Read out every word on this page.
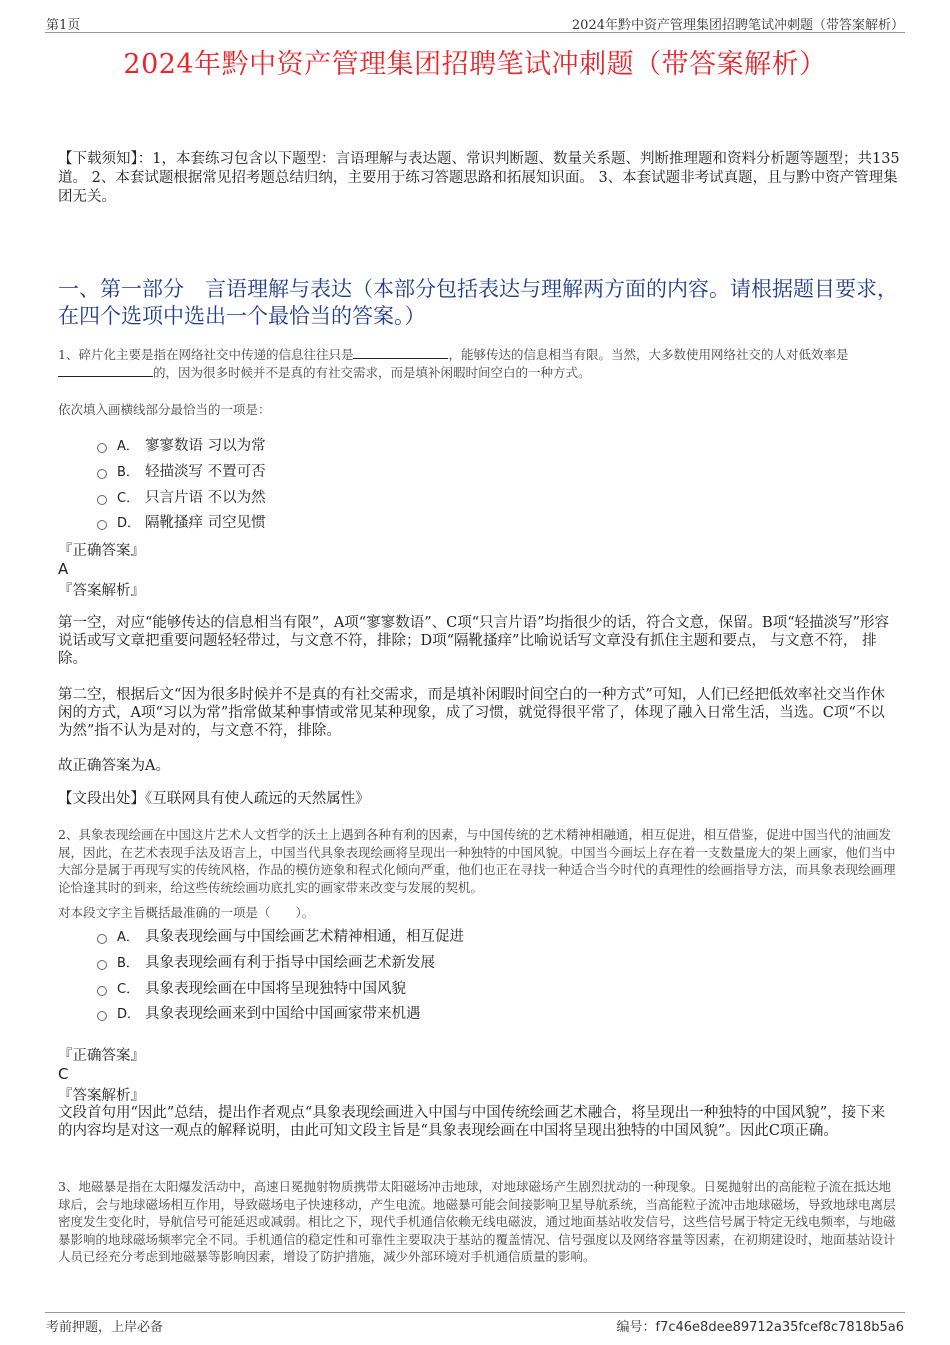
第1页	2024年黔中资产管理集团招聘笔试冲刺题（带答案解析）
2024年黔中资产管理集团招聘笔试冲刺题（带答案解析）
【下载须知】：1，本套练习包含以下题型：言语理解与表达题、常识判断题、数量关系题、判断推理题和资料分析题等题型；共135道。 2、本套试题根据常见招考题总结归纳，主要用于练习答题思路和拓展知识面。 3、本套试题非考试真题，且与黔中资产管理集团无关。
一、第一部分　言语理解与表达（本部分包括表达与理解两方面的内容。请根据题目要求，在四个选项中选出一个最恰当的答案。）
1、碎片化主要是指在网络社交中传递的信息往往只是	，能够传达的信息相当有限。当然，大多数使用网络社交的人对低效率是的，因为很多时候并不是真的有社交需求，而是填补闲暇时间空白的一种方式。
依次填入画横线部分最恰当的一项是：
A． 寥寥数语 习以为常
B． 轻描淡写 不置可否
C． 只言片语 不以为然
D． 隔靴搔痒 司空见惯
『正确答案』
A
『答案解析』
第一空，对应“能够传达的信息相当有限”，A项“寥寥数语”、C项“只言片语”均指很少的话，符合文意，保留。B项“轻描淡写”形容说话或写文章把重要问题轻轻带过，与文意不符，排除；D项“隔靴搔痒”比喻说话写文章没有抓住主题和要点， 与文意不符， 排除。
第二空，根据后文“因为很多时候并不是真的有社交需求，而是填补闲暇时间空白的一种方式”可知，人们已经把低效率社交当作休闲的方式，A项“习以为常”指常做某种事情或常见某种现象，成了习惯，就觉得很平常了，体现了融入日常生活，当选。C项“不以为然”指不认为是对的，与文意不符，排除。
故正确答案为A。
【文段出处】《互联网具有使人疏远的天然属性》
2、具象表现绘画在中国这片艺术人文哲学的沃土上遇到各种有利的因素，与中国传统的艺术精神相融通，相互促进，相互借鉴，促进中国当代的油画发展，因此，在艺术表现手法及语言上，中国当代具象表现绘画将呈现出一种独特的中国风貌。中国当今画坛上存在着一支数量庞大的架上画家，他们当中大部分是属于再现写实的传统风格，作品的模仿迹象和程式化倾向严重，他们也正在寻找一种适合当今时代的真理性的绘画指导方法，而具象表现绘画理论恰逢其时的到来，给这些传统绘画功底扎实的画家带来改变与发展的契机。
对本段文字主旨概括最准确的一项是（　　）。
A． 具象表现绘画与中国绘画艺术精神相通，相互促进
B． 具象表现绘画有利于指导中国绘画艺术新发展
C． 具象表现绘画在中国将呈现独特中国风貌
D． 具象表现绘画来到中国给中国画家带来机遇
『正确答案』
C
『答案解析』
文段首句用“因此”总结，提出作者观点“具象表现绘画进入中国与中国传统绘画艺术融合，将呈现出一种独特的中国风貌”，接下来的内容均是对这一观点的解释说明，由此可知文段主旨是“具象表现绘画在中国将呈现出独特的中国风貌”。因此C项正确。
3、地磁暴是指在太阳爆发活动中，高速日冕抛射物质携带太阳磁场冲击地球，对地球磁场产生剧烈扰动的一种现象。日冕抛射出的高能粒子流在抵达地球后，会与地球磁场相互作用，导致磁场电子快速移动，产生电流。地磁暴可能会间接影响卫星导航系统，当高能粒子流冲击地球磁场，导致地球电离层密度发生变化时，导航信号可能延迟或减弱。相比之下，现代手机通信依赖无线电磁波，通过地面基站收发信号，这些信号属于特定无线电频率，与地磁暴影响的地球磁场频率完全不同。手机通信的稳定性和可靠性主要取决于基站的覆盖情况、信号强度以及网络容量等因素，在初期建设时，地面基站设计人员已经充分考虑到地磁暴等影响因素，增设了防护措施，减少外部环境对手机通信质量的影响。
考前押题，上岸必备	编号：f7c46e8dee89712a35fcef8c7818b5a6
